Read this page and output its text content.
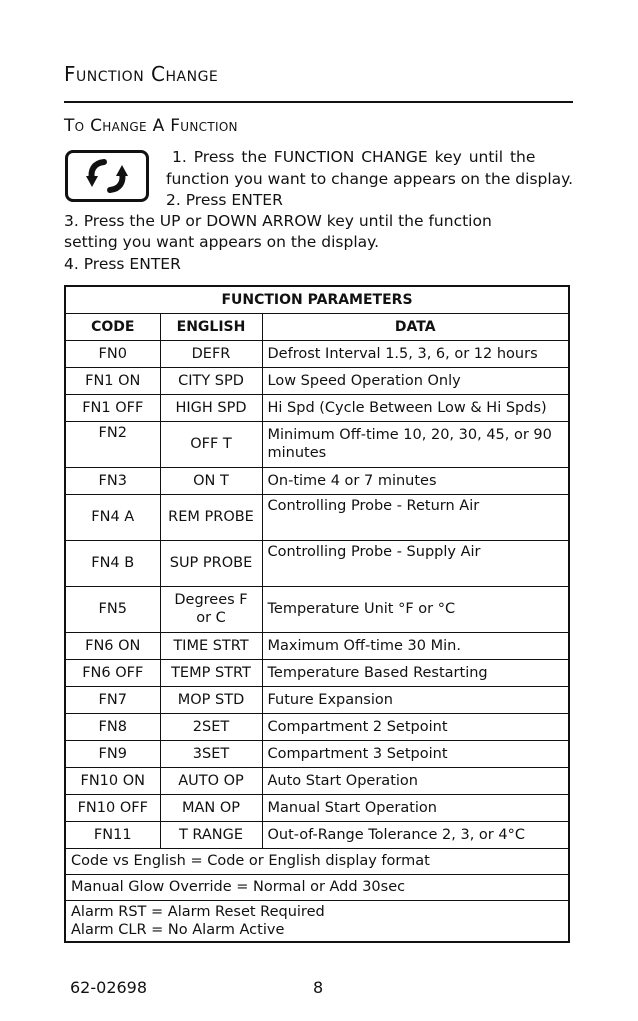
Function Change
To Change A Function
1. Press the FUNCTION CHANGE key until the
function you want to change appears on the display.
2. Press ENTER
3. Press the UP or DOWN ARROW key until the function
setting you want appears on the display.
4. Press ENTER
FUNCTION PARAMETERS		
CODE	ENGLISH	DATA
FN0	DEFR	Defrost Interval 1.5, 3, 6, or 12 hours
FN1 ON	CITY SPD	Low Speed Operation Only
FN1 OFF	HIGH SPD	Hi Spd (Cycle Between Low & Hi Spds)
FN2	OFF T	Minimum Off-time 10, 20, 30, 45, or 90 minutes
FN3	ON T	On-time 4 or 7 minutes
FN4 A	REM PROBE	Controlling Probe - Return Air
FN4 B	SUP PROBE	Controlling Probe - Supply Air
FN5	Degrees F or C	Temperature Unit °F or °C
FN6 ON	TIME STRT	Maximum Off-time 30 Min.
FN6 OFF	TEMP STRT	Temperature Based Restarting
FN7	MOP STD	Future Expansion
FN8	2SET	Compartment 2 Setpoint
FN9	3SET	Compartment 3 Setpoint
FN10 ON	AUTO OP	Auto Start Operation
FN10 OFF	MAN OP	Manual Start Operation
FN11	T RANGE	Out-of-Range Tolerance 2, 3, or 4°C
Code vs English = Code or English display format		
Manual Glow Override = Normal or Add 30sec		

Alarm RST = Alarm Reset Required
Alarm CLR = No Alarm Active		
62-02698	8
